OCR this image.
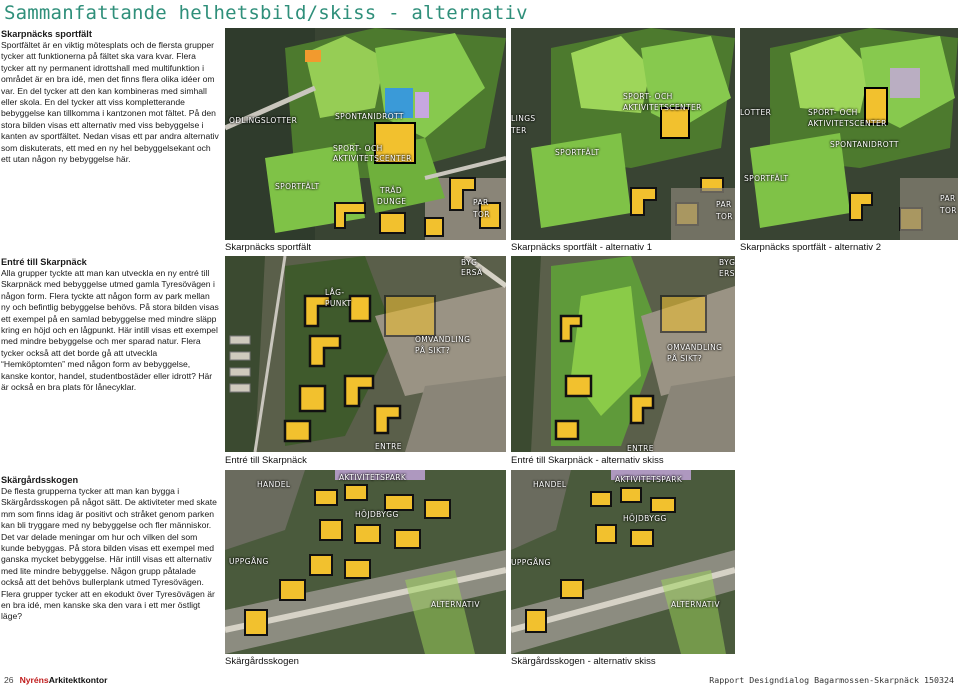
Sammanfattande helhetsbild/skiss - alternativ
Skarpnäcks sportfält

Sportfältet är en viktig mötesplats och de flersta grupper tycker att funktionerna på fältet ska vara kvar. Flera tycker att ny permanent idrottshall med multifunktion i området är en bra idé, men det finns flera olika idéer om var. En del tycker att den kan kombineras med simhall eller skola. En del tycker att viss kompletterande bebyggelse kan tillkomma i kantzonen mot fältet. På den stora bilden visas ett alternativ med viss bebyggelse i kanten av sportfältet. Nedan visas ett par andra alternativ som diskuterats, ett med en ny hel bebyggelsekant och ett utan någon ny bebyggelse här.

Entré till Skarpnäck

Alla grupper tyckte att man kan utveckla en ny entré till Skarpnäck med bebyggelse utmed gamla Tyresövägen i någon form. Flera tyckte att någon form av park mellan ny och befintlig bebyggelse behövs. På stora bilden visas ett exempel på en samlad bebyggelse med mindre släpp kring en höjd och en lågpunkt. Här intill visas ett exempel med mindre bebyggelse och mer sparad natur. Flera tycker också att det borde gå att utveckla “Hemköptomten” med någon form av bebyggelse, kanske kontor, handel, studentbostäder eller idrott? Här är också en bra plats för lånecyklar.

Skärgårdsskogen

De flesta grupperna tycker att man kan bygga i Skärgårdsskogen på något sätt. De aktiviteter med skate mm som finns idag är positivt och stråket genom parken kan bli tryggare med ny bebyggelse och fler människor. Det var delade meningar om hur och vilken del som kunde bebyggas. På stora bilden visas ett exempel med ganska mycket bebyggelse. Här intill visas ett alternativ med lite mindre bebyggelse. Någon grupp påtalade också att det behövs bullerplank utmed Tyresövägen. Flera grupper tycker att en ekodukt över Tyresövägen är en bra idé, men kanske ska den vara i ett mer östligt läge?

ODLINGSLOTTER	SPONTANIDROTT
SPORT- OCH
AKTIVITETSCENTER
SPORTFÄLT	TRÄD
DUNGE	PAR
TOR
Skarpnäcks sportfält
SPORT- OCH
AKTIVITETSCENTER
LINGS
TER
SPORTFÄLT
PAR
TOR
Skarpnäcks sportfält - alternativ 1
LOTTER	SPORT- OCH
AKTIVITETSCENTER
SPONTANIDROTT
SPORTFÄLT
PAR
TOR
Skarpnäcks sportfält - alternativ 2
BYG
ERSÄ
LÅG-
PUNKT
OMVANDLING
PÅ SIKT?
ENTRE
Entré till Skarpnäck
BYG
ERS
OMVANDLING
PÅ SIKT?
ENTRE
Entré till Skarpnäck - alternativ skiss
HANDEL
AKTIVITETSPARK
HÖJDBYGG
UPPGÅNG
ALTERNATIV
Skärgårdsskogen
HANDEL
AKTIVITETSPARK
HÖJDBYGG
UPPGÅNG
ALTERNATIV
Skärgårdsskogen - alternativ skiss
26 NyrénsArkitektkontor	Rapport Designdialog Bagarmossen-Skarpnäck 150324
